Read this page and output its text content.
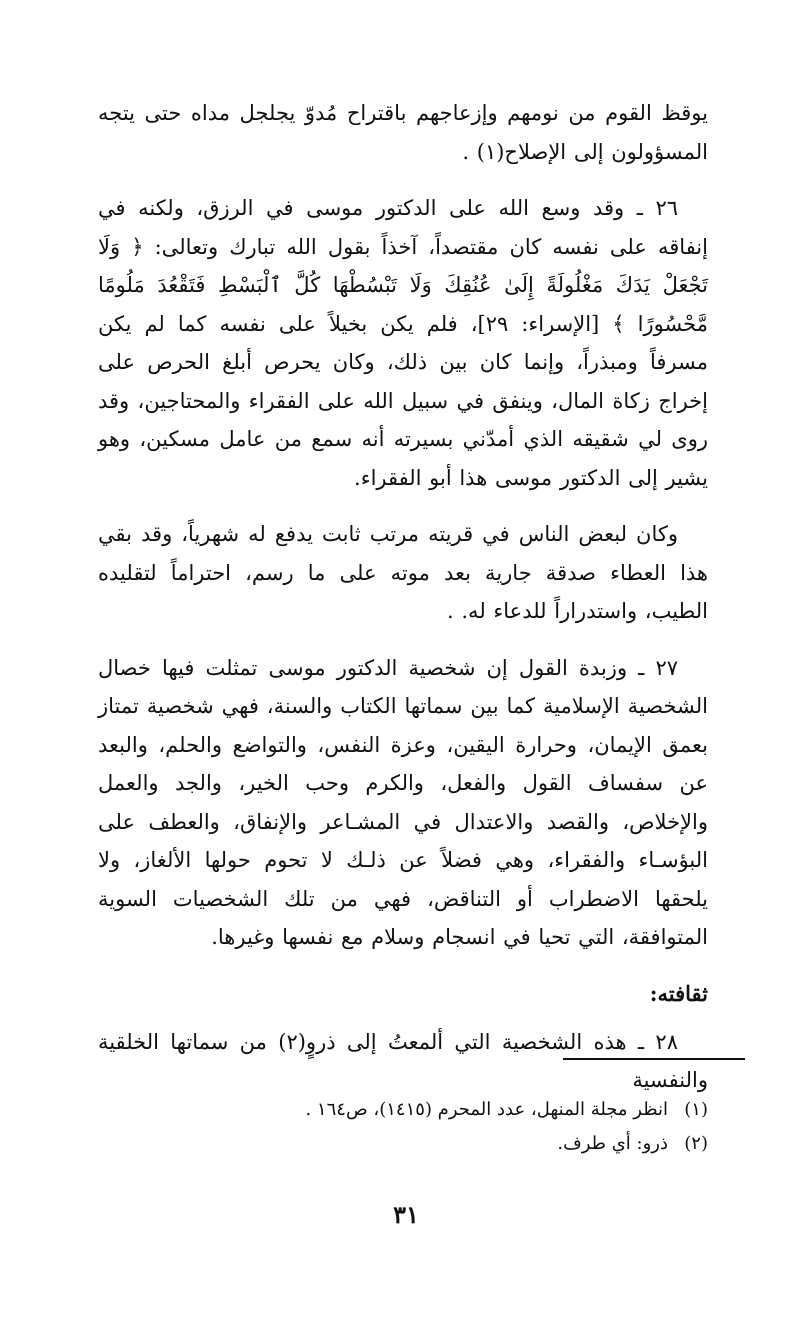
يوقظ القوم من نومهم وإزعاجهم باقتراح مُدوّ يجلجل مداه حتى يتجه المسؤولون إلى الإصلاح(١) .

٢٦ ـ وقد وسع الله على الدكتور موسى في الرزق، ولكنه في إنفاقه على نفسه كان مقتصداً، آخذاً بقول الله تبارك وتعالى: ﴿ وَلَا تَجْعَلْ يَدَكَ مَغْلُولَةً إِلَىٰ عُنُقِكَ وَلَا تَبْسُطْهَا كُلَّ ٱلْبَسْطِ فَتَقْعُدَ مَلُومًا مَّحْسُورًا ﴾ [الإسراء: ٢٩]، فلم يكن بخيلاً على نفسه كما لم يكن مسرفاً ومبذراً، وإنما كان بين ذلك، وكان يحرص أبلغ الحرص على إخراج زكاة المال، وينفق في سبيل الله على الفقراء والمحتاجين، وقد روى لي شقيقه الذي أمدّني بسيرته أنه سمع من عامل مسكين، وهو يشير إلى الدكتور موسى هذا أبو الفقراء.

وكان لبعض الناس في قريته مرتب ثابت يدفع له شهرياً، وقد بقي هذا العطاء صدقة جارية بعد موته على ما رسم، احتراماً لتقليده الطيب، واستدراراً للدعاء له. .

٢٧ ـ وزبدة القول إن شخصية الدكتور موسى تمثلت فيها خصال الشخصية الإسلامية كما بين سماتها الكتاب والسنة، فهي شخصية تمتاز بعمق الإيمان، وحرارة اليقين، وعزة النفس، والتواضع والحلم، والبعد عن سفساف القول والفعل، والكرم وحب الخير، والجد والعمل والإخلاص، والقصد والاعتدال في المشـاعر والإنفاق، والعطف على البؤسـاء والفقراء، وهي فضلاً عن ذلـك لا تحوم حولها الألغاز، ولا يلحقها الاضطراب أو التناقض، فهي من تلك الشخصيات السوية المتوافقة، التي تحيا في انسجام وسلام مع نفسها وغيرها.

ثقافته:

٢٨ ـ هذه الشخصية التي ألمعتُ إلى ذروٍ(٢) من سماتها الخلقية والنفسية

(١)انظر مجلة المنهل، عدد المحرم (١٤١٥)، ص١٦٤ .
(٢)ذرو: أي طرف.
٣١
